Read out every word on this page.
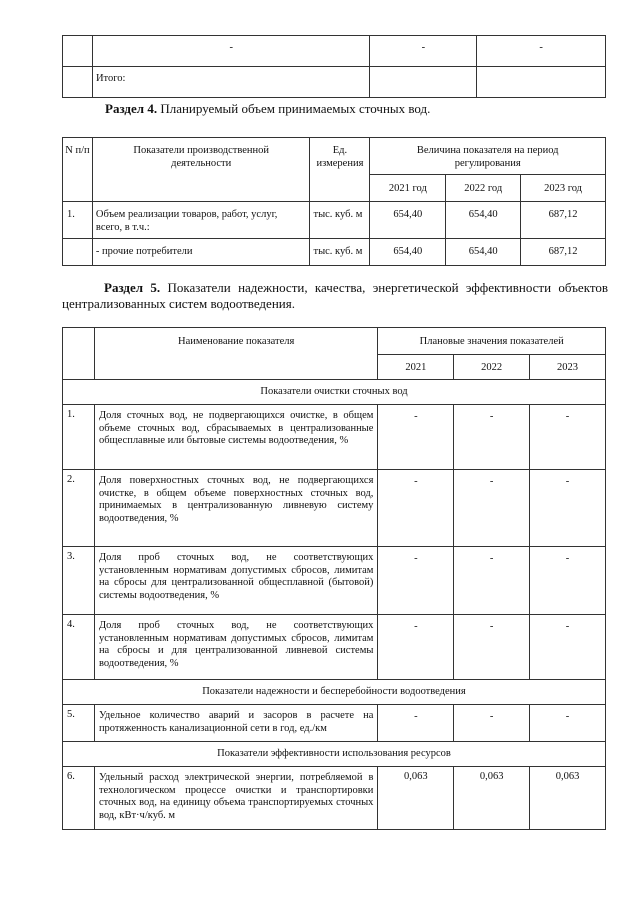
	-	-	-
	Итого:		

Раздел 4. Планируемый объем принимаемых сточных вод.

N п/п	Показатели производственной деятельности	Ед. измерения	Величина показателя на период регулирования		
			2021 год	2022 год	2023 год
1.	Объем реализации товаров, работ, услуг, всего, в т.ч.:	тыс. куб. м	654,40	654,40	687,12
	- прочие потребители	тыс. куб. м	654,40	654,40	687,12

Раздел 5. Показатели надежности, качества, энергетической эффективности объектов централизованных систем водоотведения.

	Наименование показателя	Плановые значения показателей		
		2021	2022	2023
Показатели очистки сточных вод				
1.	Доля сточных вод, не подвергающихся очистке, в общем объеме сточных вод, сбрасываемых в централизованные общесплавные или бытовые системы водоотведения, %	-	-	-
2.	Доля поверхностных сточных вод, не подвергающихся очистке, в общем объеме поверхностных сточных вод, принимаемых в централизованную ливневую систему водоотведения, %	-	-	-
3.	Доля проб сточных вод, не соответствующих установленным нормативам допустимых сбросов, лимитам на сбросы для централизованной общесплавной (бытовой) системы водоотведения, %	-	-	-
4.	Доля проб сточных вод, не соответствующих установленным нормативам допустимых сбросов, лимитам на сбросы и для централизованной ливневой системы водоотведения, %	-	-	-
Показатели надежности и бесперебойности водоотведения				
5.	Удельное количество аварий и засоров в расчете на протяженность канализационной сети в год, ед./км	-	-	-
Показатели эффективности использования ресурсов				
6.	Удельный расход электрической энергии, потребляемой в технологическом процессе очистки и транспортировки сточных вод, на единицу объема транспортируемых сточных вод, кВт·ч/куб. м	0,063	0,063	0,063
